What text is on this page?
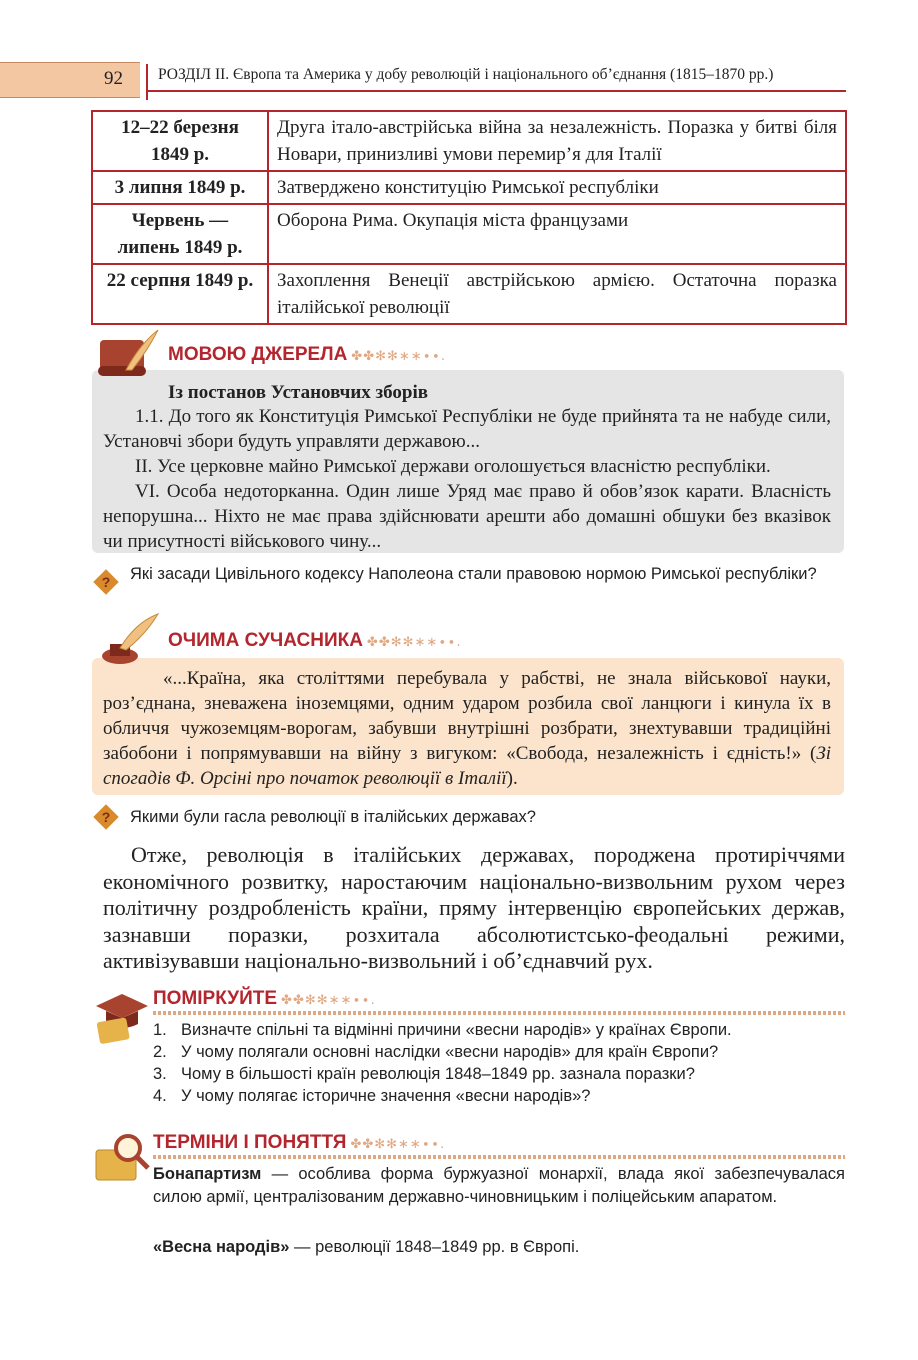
92 РОЗДІЛ ІІ. Європа та Америка у добу революцій і національного об’єднання (1815–1870 рр.)
12–22 березня 1849 р.	Друга італо-австрійська війна за незалежність. Поразка у битві біля Новари, принизливі умови перемир’я для Італії
3 липня 1849 р.	Затверджено конституцію Римської республіки
Червень — липень 1849 р.	Оборона Рима. Окупація міста французами
22 серпня 1849 р.	Захоплення Венеції австрійською армією. Остаточна поразка італійської революції
МОВОЮ ДЖЕРЕЛА ✤✤✻✻∗∗∙∙.
Із постанов Установчих зборів
1.1. До того як Конституція Римської Республіки не буде прийнята та не набуде сили, Установчі збори будуть управляти державою...
II. Усе церковне майно Римської держави оголошується власністю республіки.
VI. Особа недоторканна. Один лише Уряд має право й обов’язок карати. Власність непорушна... Ніхто не має права здійснювати арешти або домашні обшуки без вказівок чи присутності військового чину...
? Які засади Цивільного кодексу Наполеона стали правовою нормою Римської республіки?
ОЧИМА СУЧАСНИКА ✤✤✻✻∗∗∙∙.
«...Країна, яка століттями перебувала у рабстві, не знала військової науки, роз’єднана, зневажена іноземцями, одним ударом розбила свої ланцюги і кинула їх в обличчя чужоземцям-ворогам, забувши внутрішні розбрати, знехтувавши традиційні забобони і попрямувавши на війну з вигуком: «Свобода, незалежність і єдність!» (Зі спогадів Ф. Орсіні про початок революції в Італії).
? Якими були гасла революції в італійських державах?
Отже, революція в італійських державах, породжена протиріччями економічного розвитку, наростаючим національно-визвольним рухом через політичну роздробленість країни, пряму інтервенцію європейських держав, зазнавши поразки, розхитала абсолютистсько-феодальні режими, активізувавши національно-визвольний і об’єднавчий рух.
ПОМІРКУЙТЕ ✤✤✻✻∗∗∙∙.
1. Визначте спільні та відмінні причини «весни народів» у країнах Європи.
2. У чому полягали основні наслідки «весни народів» для країн Європи?
3. Чому в більшості країн революція 1848–1849 рр. зазнала поразки?
4. У чому полягає історичне значення «весни народів»?
ТЕРМІНИ І ПОНЯТТЯ ✤✤✻✻∗∗∙∙.
Бонапартизм — особлива форма буржуазної монархії, влада якої забезпечувалася силою армії, централізованим державно-чиновницьким і поліцейським апаратом.
«Весна народів» — революції 1848–1849 рр. в Європі.
